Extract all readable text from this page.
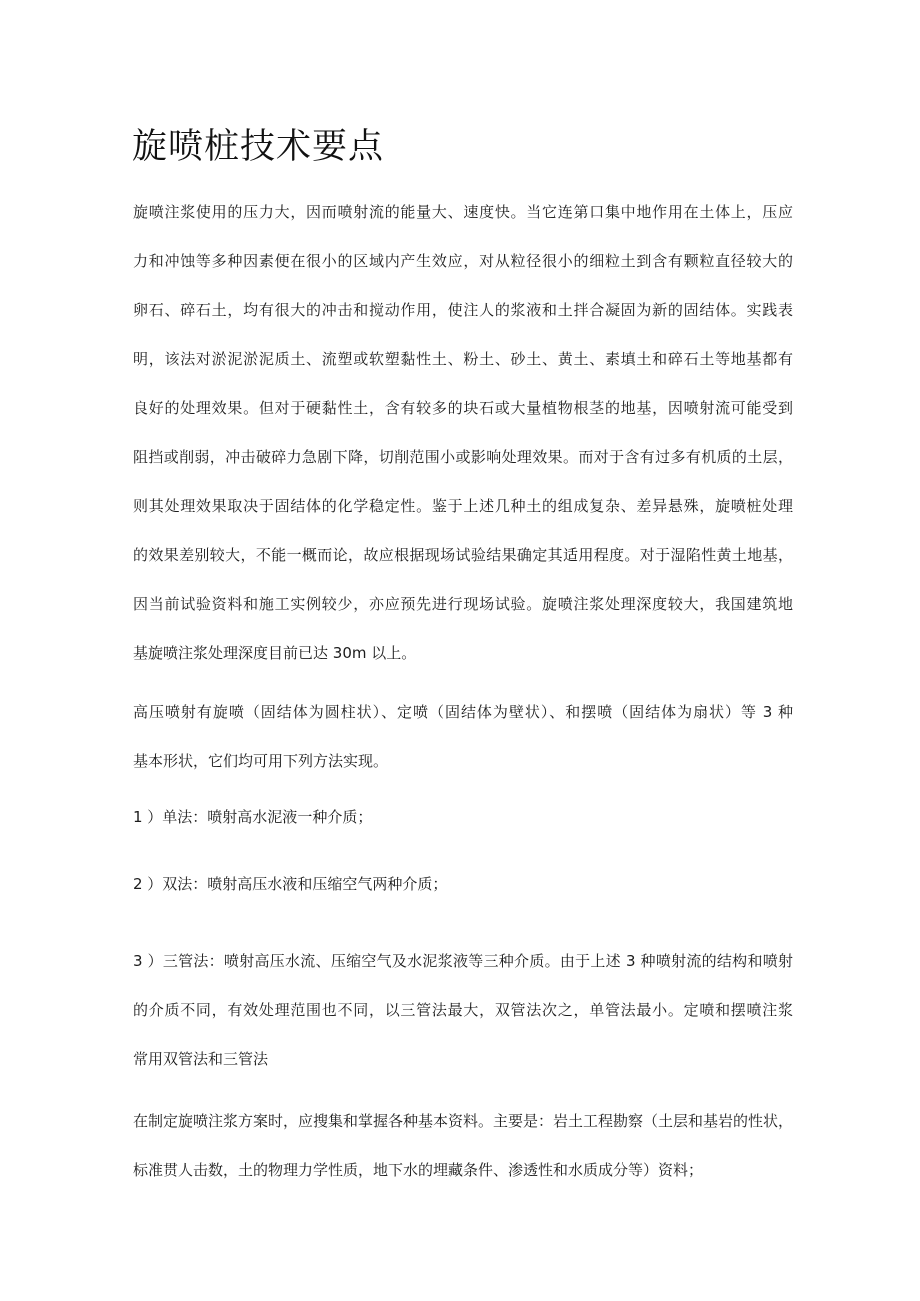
旋喷桩技术要点
旋喷注浆使用的压力大，因而喷射流的能量大、速度快。当它连第口集中地作用在土体上，压应
力和冲蚀等多种因素便在很小的区域内产生效应，对从粒径很小的细粒土到含有颗粒直径较大的
卵石、碎石土，均有很大的冲击和搅动作用，使注人的浆液和土拌合凝固为新的固结体。实践表
明，该法对淤泥淤泥质土、流塑或软塑黏性土、粉土、砂土、黄土、素填土和碎石土等地基都有
良好的处理效果。但对于硬黏性土，含有较多的块石或大量植物根茎的地基，因喷射流可能受到
阻挡或削弱，冲击破碎力急剧下降，切削范围小或影响处理效果。而对于含有过多有机质的土层，
则其处理效果取决于固结体的化学稳定性。鉴于上述几种土的组成复杂、差异悬殊，旋喷桩处理
的效果差别较大，不能一概而论，故应根据现场试验结果确定其适用程度。对于湿陷性黄土地基，
因当前试验资料和施工实例较少，亦应预先进行现场试验。旋喷注浆处理深度较大，我国建筑地
基旋喷注浆处理深度目前已达 30m 以上。
高压喷射有旋喷（固结体为圆柱状）、定喷（固结体为壁状）、和摆喷（固结体为扇状）等 3 种
基本形状，它们均可用下列方法实现。
1 ）单法：喷射高水泥液一种介质；
2 ）双法：喷射高压水液和压缩空气两种介质；
3 ）三管法：喷射高压水流、压缩空气及水泥浆液等三种介质。由于上述 3 种喷射流的结构和喷射
的介质不同，有效处理范围也不同，以三管法最大，双管法次之，单管法最小。定喷和摆喷注浆
常用双管法和三管法
在制定旋喷注浆方案时，应搜集和掌握各种基本资料。主要是：岩土工程勘察（土层和基岩的性状，
标准贯人击数，土的物理力学性质，地下水的埋藏条件、渗透性和水质成分等）资料；
